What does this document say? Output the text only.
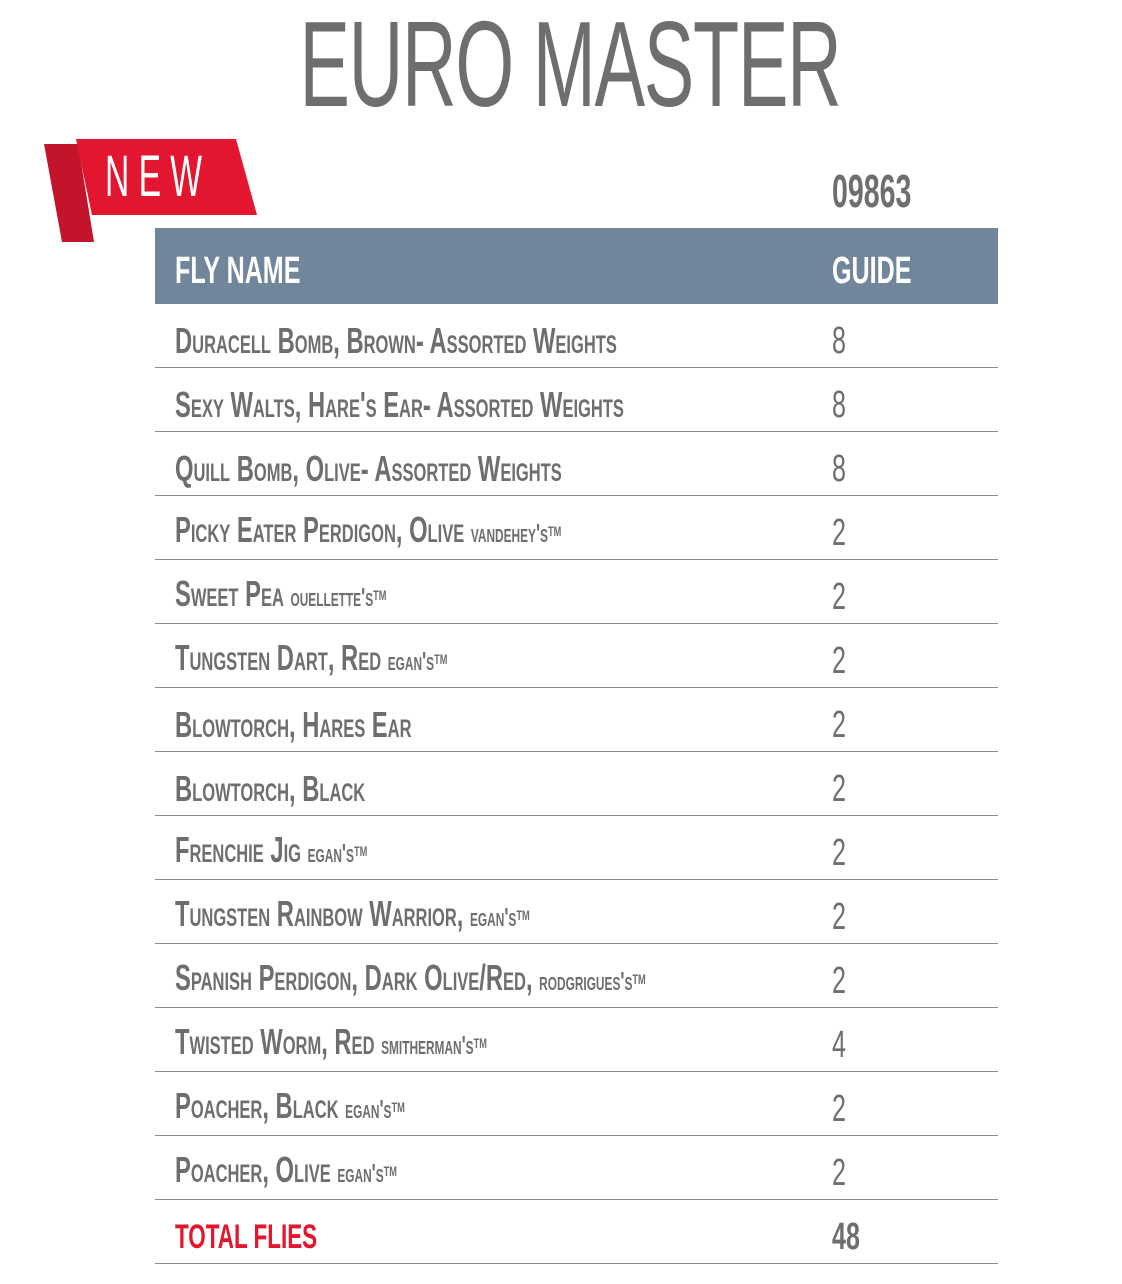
EURO MASTER
NEW	09863
FLY NAME	GUIDE
Duracell Bomb, Brown- Assorted Weights	8
Sexy Walts, Hare's Ear- Assorted Weights	8
Quill Bomb, Olive- Assorted Weights	8
Picky Eater Perdigon, Olive vandehey'sTM	2
Sweet Pea ouellette'sTM	2
Tungsten Dart, Red egan'sTM	2
Blowtorch, Hares Ear	2
Blowtorch, Black	2
Frenchie Jig egan'sTM	2
Tungsten Rainbow Warrior, egan'sTM	2
Spanish Perdigon, Dark Olive/Red, rodgrigues'sTM	2
Twisted Worm, Red smitherman'sTM	4
Poacher, Black egan'sTM	2
Poacher, Olive egan'sTM	2
TOTAL FLIES	48
